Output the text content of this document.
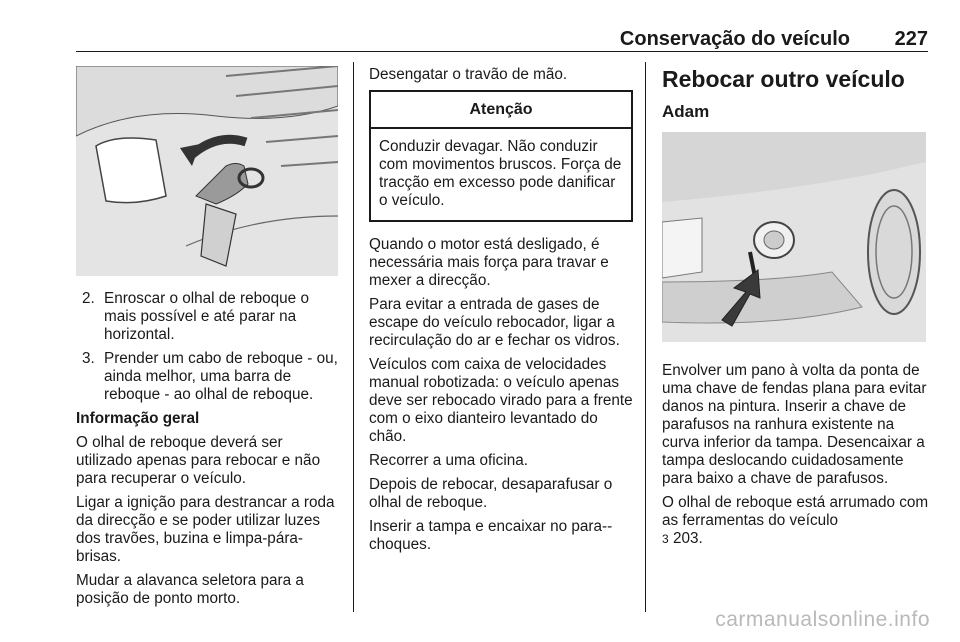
Conservação do veículo	227
2. Enroscar o olhal de reboque o mais possível e até parar na horizontal.
3. Prender um cabo de reboque - ou, ainda melhor, uma barra de reboque - ao olhal de reboque.

Informação geral

O olhal de reboque deverá ser utilizado apenas para rebocar e não para recuperar o veículo.

Ligar a ignição para destrancar a roda da direcção e se poder utilizar luzes dos travões, buzina e limpa-pára-brisas.

Mudar a alavanca seletora para a posição de ponto morto.

Desengatar o travão de mão.

Atenção
Conduzir devagar. Não conduzir com movimentos bruscos. Força de tracção em excesso pode danificar o veículo.

Quando o motor está desligado, é necessária mais força para travar e mexer a direcção.

Para evitar a entrada de gases de escape do veículo rebocador, ligar a recirculação do ar e fechar os vidros.

Veículos com caixa de velocidades manual robotizada: o veículo apenas deve ser rebocado virado para a frente com o eixo dianteiro levantado do chão.

Recorrer a uma oficina.

Depois de rebocar, desaparafusar o olhal de reboque.

Inserir a tampa e encaixar no para--choques.

Rebocar outro veículo
Adam

Envolver um pano à volta da ponta de uma chave de fendas plana para evitar danos na pintura. Inserir a chave de parafusos na ranhura existente na curva inferior da tampa. Desencaixar a tampa deslocando cuidadosamente para baixo a chave de parafusos.

O olhal de reboque está arrumado com as ferramentas do veículo
3 203.

carmanualsonline.info
